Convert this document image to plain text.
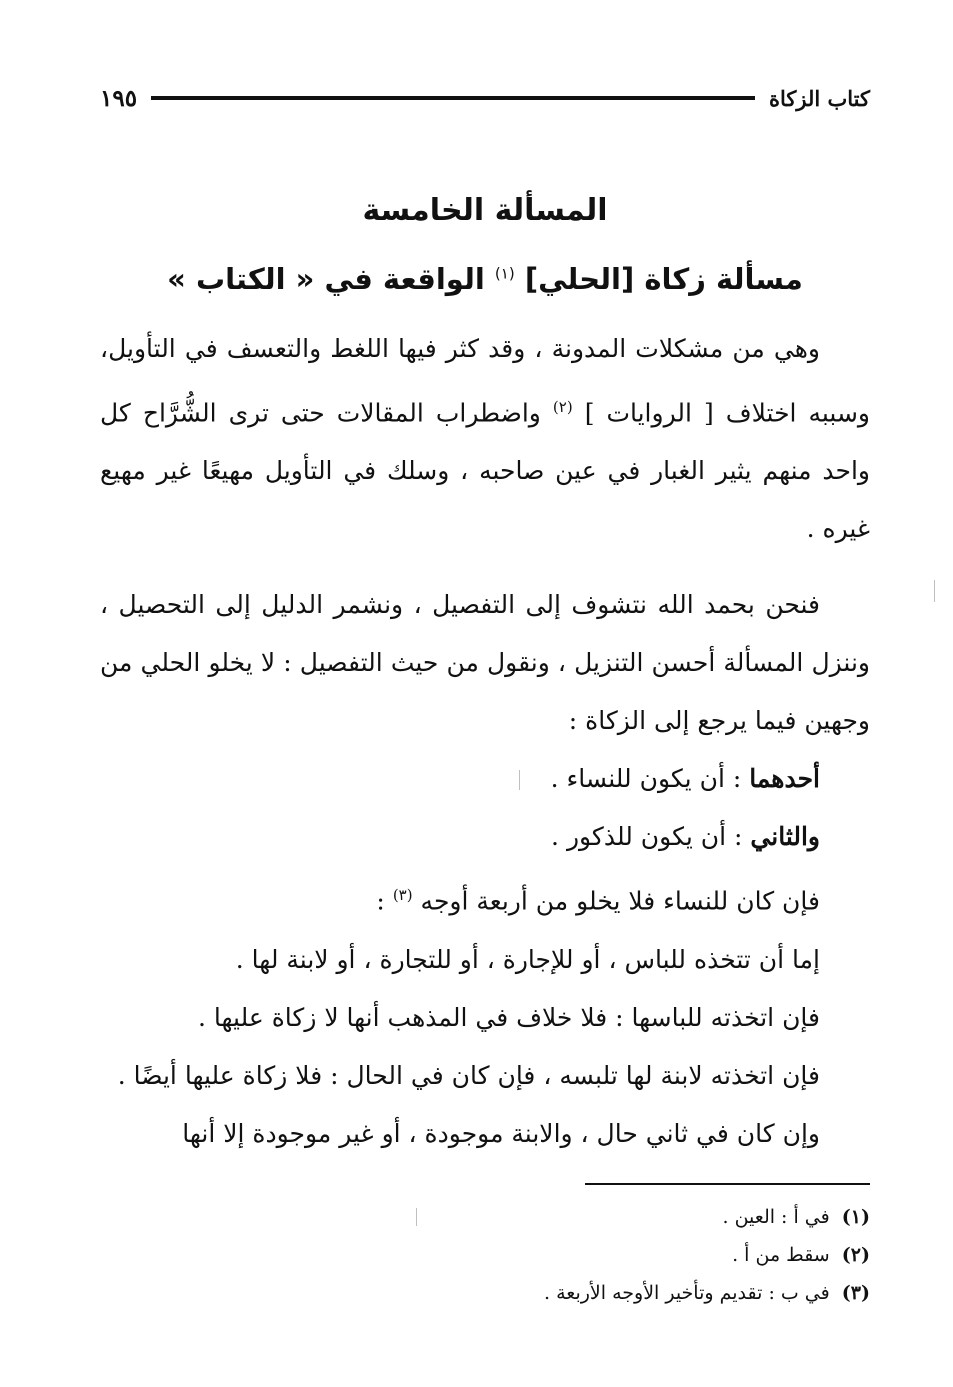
كتاب الزكاة
١٩٥
المسألة الخامسة
مسألة زكاة [الحلي] $^{(١)}$ الواقعة في « الكتاب »

وهي من مشكلات المدونة ، وقد كثر فيها اللغط والتعسف في التأويل، وسببه اختلاف [ الروايات ] $^{(٢)}$ واضطراب المقالات حتى ترى الشُّرَّاح كل واحد منهم يثير الغبار في عين صاحبه ، وسلك في التأويل مهيعًا غير مهيع غيره .

فنحن بحمد الله نتشوف إلى التفصيل ، ونشمر الدليل إلى التحصيل ، وننزل المسألة أحسن التنزيل ، ونقول من حيث التفصيل : لا يخلو الحلي من وجهين فيما يرجع إلى الزكاة :

أحدهما : أن يكون للنساء .

والثاني : أن يكون للذكور .

فإن كان للنساء فلا يخلو من أربعة أوجه $^{(٣)}$ :

إما أن تتخذه للباس ، أو للإجارة ، أو للتجارة ، أو لابنة لها .

فإن اتخذته للباسها : فلا خلاف في المذهب أنها لا زكاة عليها .

فإن اتخذته لابنة لها تلبسه ، فإن كان في الحال : فلا زكاة عليها أيضًا .

وإن كان في ثاني حال ، والابنة موجودة ، أو غير موجودة إلا أنها

(١) في أ : العين .

(٢) سقط من أ .

(٣) في ب : تقديم وتأخير الأوجه الأربعة .
